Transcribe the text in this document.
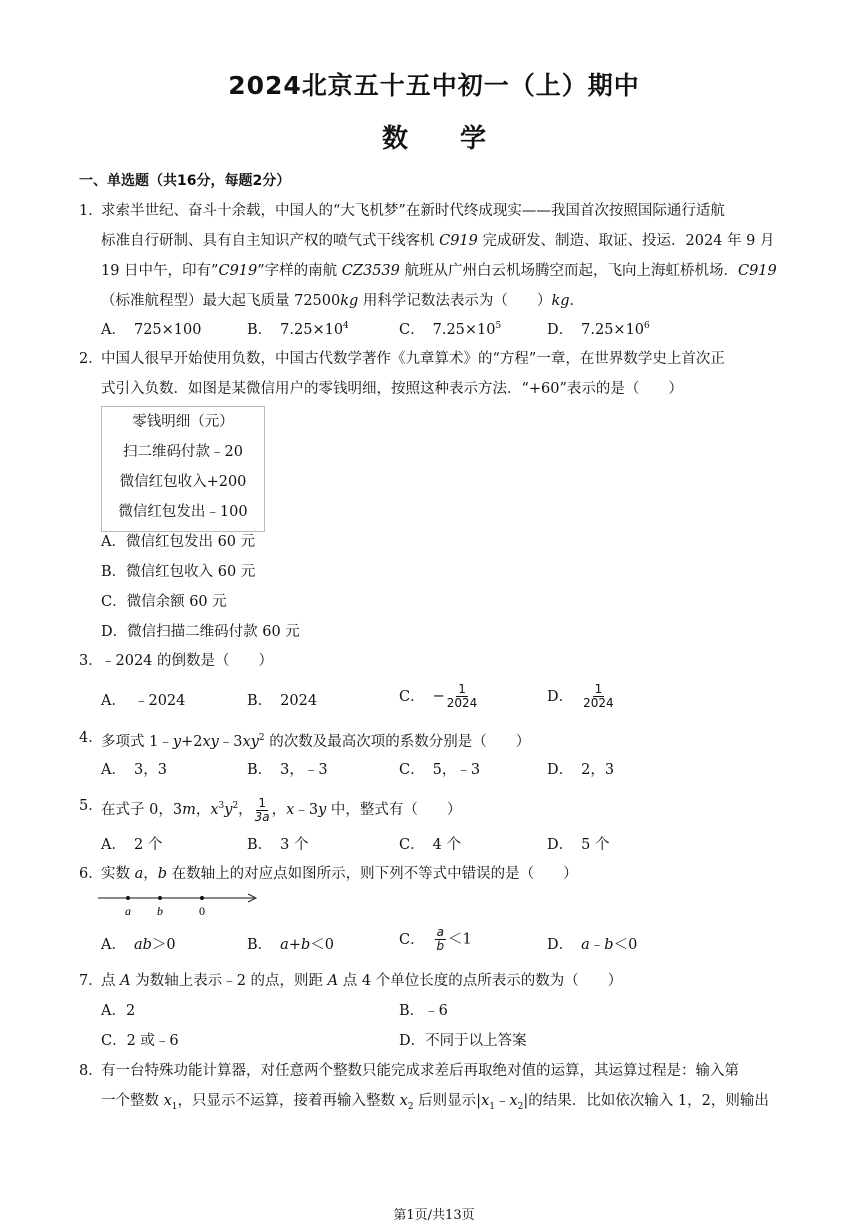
2024北京五十五中初一（上）期中
数 学
一、单选题（共16分，每题2分）
1．
求索半世纪、奋斗十余载，中国人的“大飞机梦”在新时代终成现实——我国首次按照国际通行适航
标准自行研制、具有自主知识产权的喷气式干线客机 C919 完成研发、制造、取证、投运．2024 年 9 月
19 日中午，印有”C919”字样的南航 CZ3539 航班从广州白云机场腾空而起，飞向上海虹桥机场．C919
（标准航程型）最大起飞质量 72500kg 用科学记数法表示为（　　）kg．
A． 725×100	B． $7.25\times 10^4$	C． $7.25\times 10^5$	D． $7.25\times 10^6$
2．
中国人很早开始使用负数，中国古代数学著作《九章算术》的“方程”一章，在世界数学史上首次正
式引入负数．如图是某微信用户的零钱明细，按照这种表示方法．“+60”表示的是（　　）
零钱明细（元）
扫二维码付款﹣20
微信红包收入+200
微信红包发出﹣100
A．微信红包发出 60 元
B．微信红包收入 60 元
C．微信余额 60 元
D．微信扫描二维码付款 60 元
3．
﹣2024 的倒数是（　　）
A． ﹣2024	B． 2024	C． − $\frac{1}{2024}$	D． $\frac{1}{2024}$
4．
多项式 $1﹣y+2xy﹣3xy^2$ 的次数及最高次项的系数分别是（　　）
A． 3，3	B． 3，﹣3	C． 5，﹣3	D． 2，3
5．
在式子 0，3m，$x^3y^2$， $\frac{1}{3a}$ ，x﹣3y 中，整式有（　　）
A． 2 个	B． 3 个	C． 4 个	D． 5 个
6．
实数 a，b 在数轴上的对应点如图所示，则下列不等式中错误的是（　　）
a b	0
A． ab＞0	B． a+b＜0	C． $\frac{a}{b} <1$	D． a﹣b＜0
7．
点 A 为数轴上表示﹣2 的点，则距 A 点 4 个单位长度的点所表示的数为（　　）
A．2	B．﹣6
C．2 或﹣6	D．不同于以上答案
8．
有一台特殊功能计算器，对任意两个整数只能完成求差后再取绝对值的运算，其运算过程是：输入第
一个整数 $x_1$，只显示不运算，接着再输入整数 $x_2$ 后则显示$|x_1﹣x_2|$的结果．比如依次输入 1，2，则输出
第1页/共13页
